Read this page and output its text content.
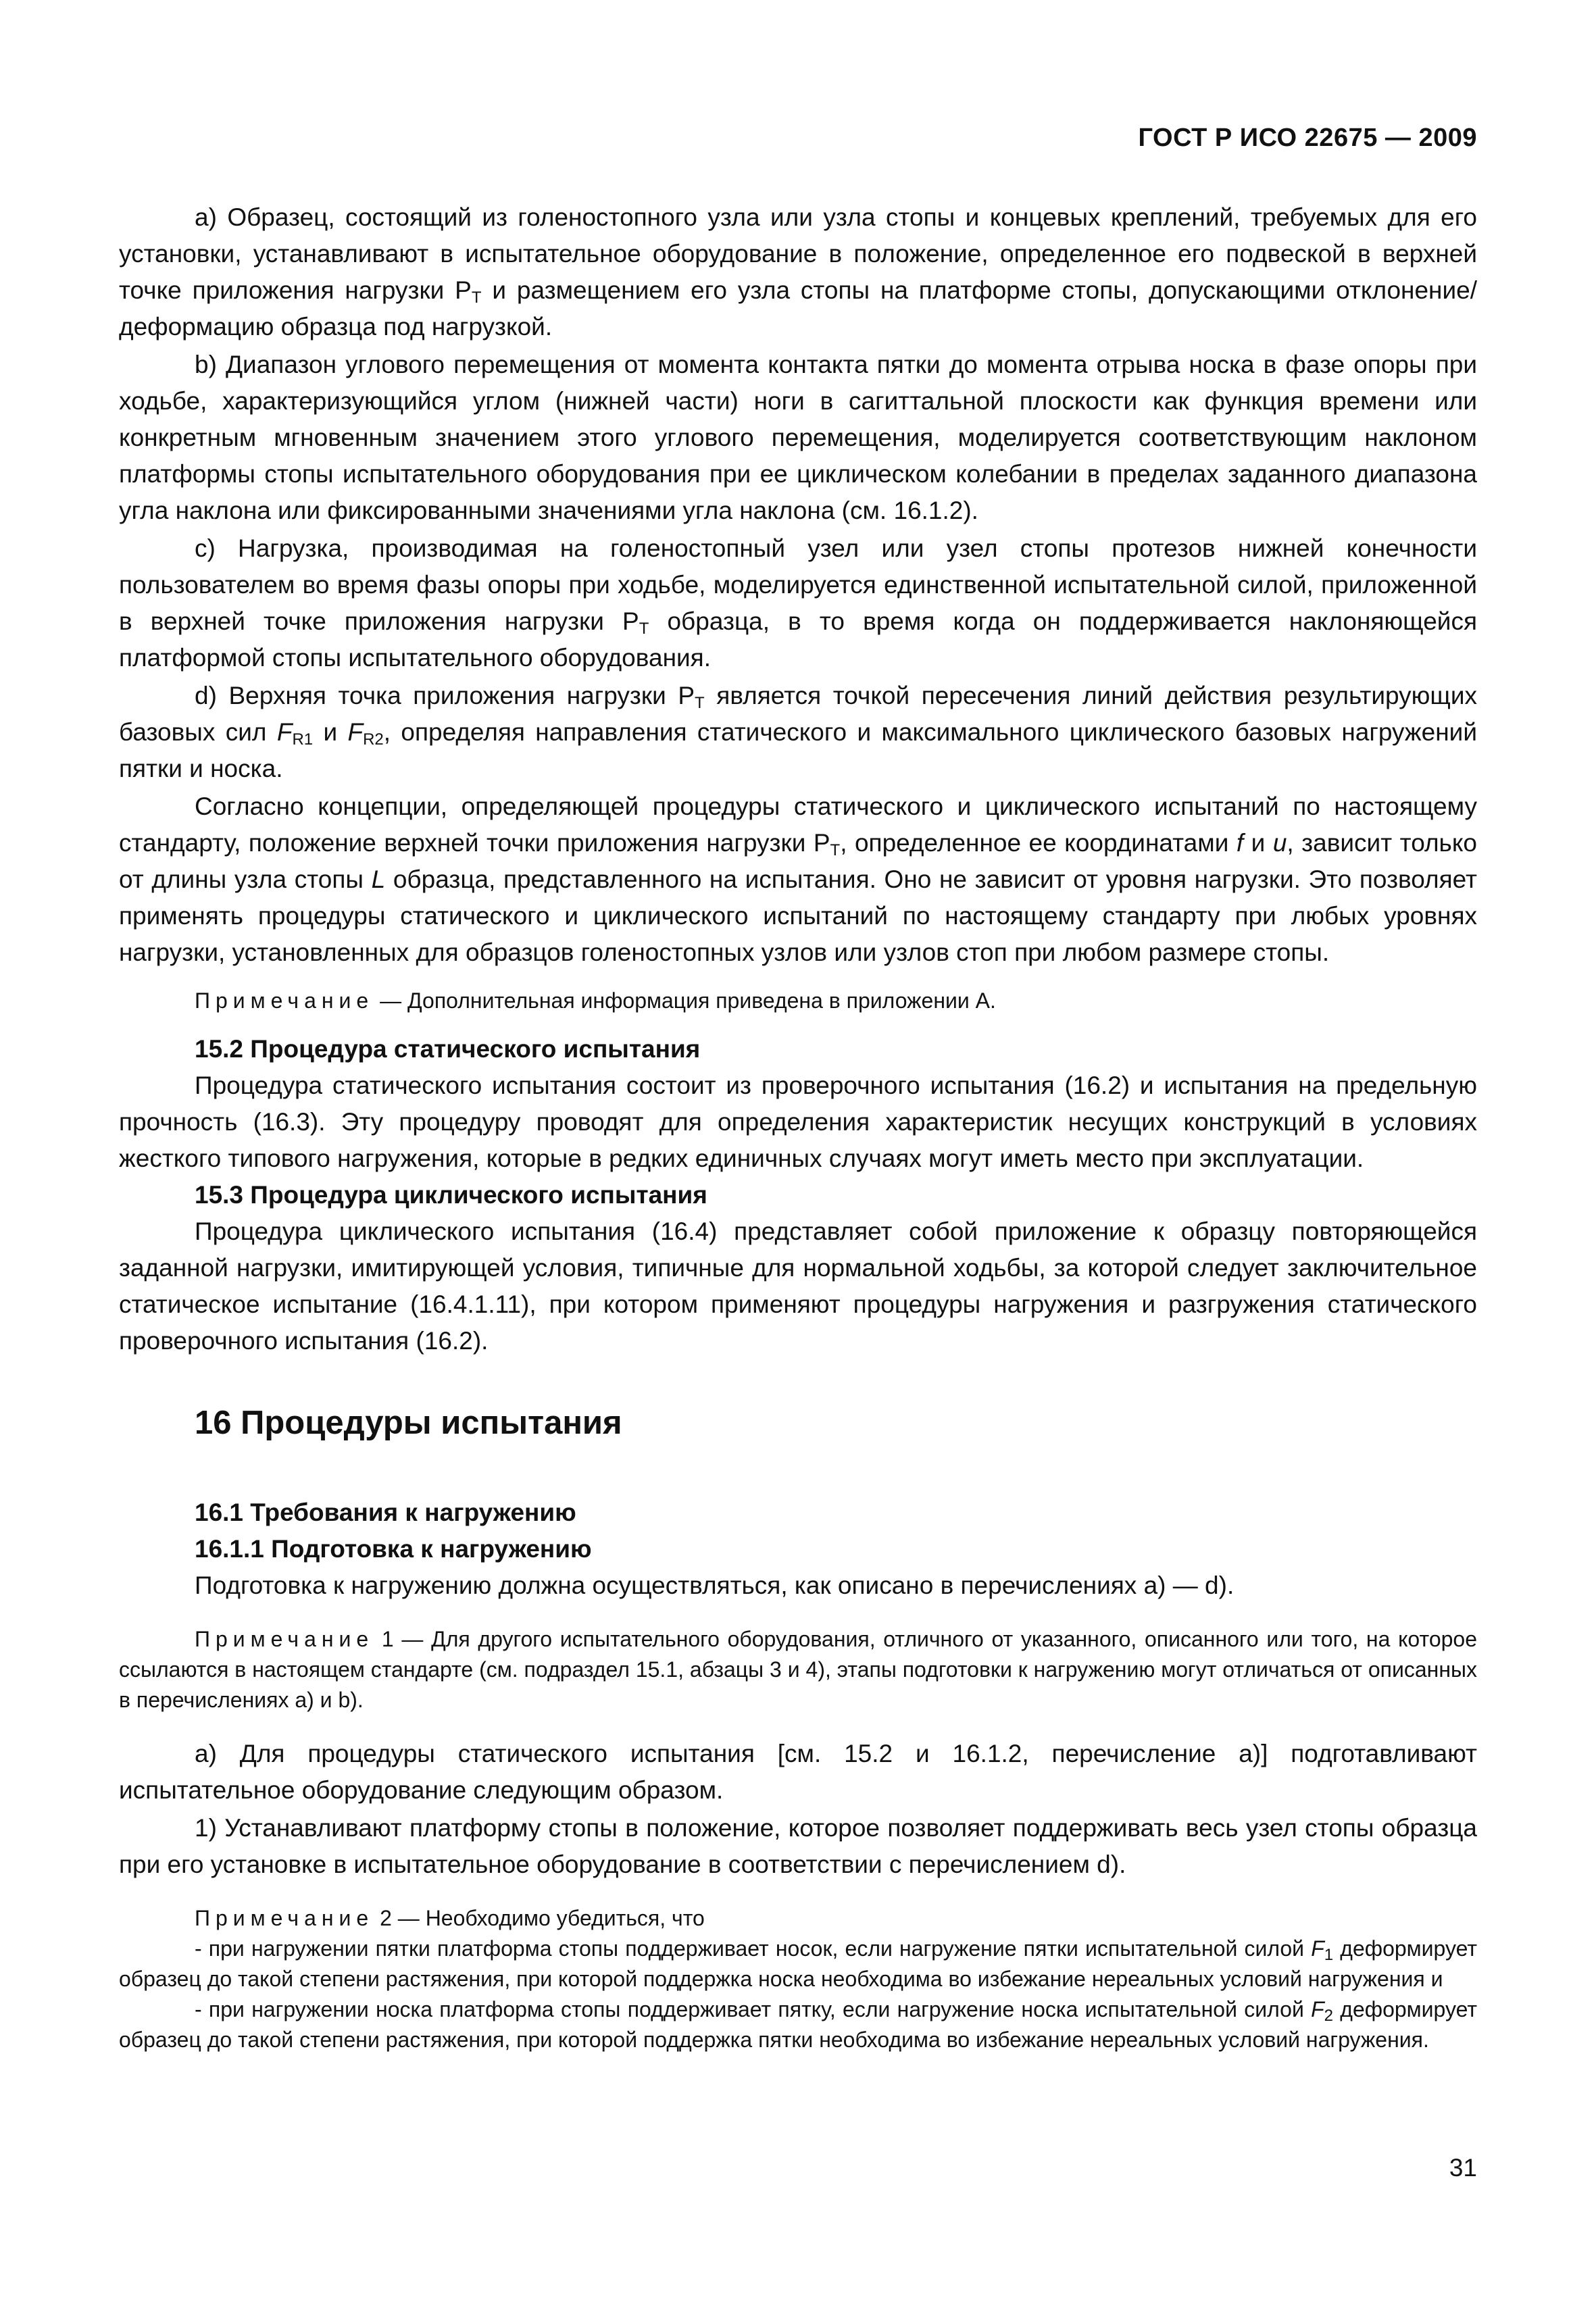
ГОСТ Р ИСО 22675 — 2009

а) Образец, состоящий из голеностопного узла или узла стопы и концевых креплений, требуемых для его установки, устанавливают в испытательное оборудование в положение, определенное его подвеской в верхней точке приложения нагрузки $P_T$ и размещением его узла стопы на платформе стопы, допускающими отклонение/деформацию образца под нагрузкой.

b) Диапазон углового перемещения от момента контакта пятки до момента отрыва носка в фазе опоры при ходьбе, характеризующийся углом (нижней части) ноги в сагиттальной плоскости как функция времени или конкретным мгновенным значением этого углового перемещения, моделируется соответствующим наклоном платформы стопы испытательного оборудования при ее циклическом колебании в пределах заданного диапазона угла наклона или фиксированными значениями угла наклона (см. 16.1.2).

с) Нагрузка, производимая на голеностопный узел или узел стопы протезов нижней конечности пользователем во время фазы опоры при ходьбе, моделируется единственной испытательной силой, приложенной в верхней точке приложения нагрузки $P_T$ образца, в то время когда он поддерживается наклоняющейся платформой стопы испытательного оборудования.

d) Верхняя точка приложения нагрузки $P_T$ является точкой пересечения линий действия результирующих базовых сил $F_{R1}$ и $F_{R2}$, определяя направления статического и максимального циклического базовых нагружений пятки и носка.

Согласно концепции, определяющей процедуры статического и циклического испытаний по настоящему стандарту, положение верхней точки приложения нагрузки $P_T$, определенное ее координатами f и u, зависит только от длины узла стопы L образца, представленного на испытания. Оно не зависит от уровня нагрузки. Это позволяет применять процедуры статического и циклического испытаний по настоящему стандарту при любых уровнях нагрузки, установленных для образцов голеностопных узлов или узлов стоп при любом размере стопы.

Примечание — Дополнительная информация приведена в приложении А.

15.2 Процедура статического испытания

Процедура статического испытания состоит из проверочного испытания (16.2) и испытания на предельную прочность (16.3). Эту процедуру проводят для определения характеристик несущих конструкций в условиях жесткого типового нагружения, которые в редких единичных случаях могут иметь место при эксплуатации.

15.3 Процедура циклического испытания

Процедура циклического испытания (16.4) представляет собой приложение к образцу повторяющейся заданной нагрузки, имитирующей условия, типичные для нормальной ходьбы, за которой следует заключительное статическое испытание (16.4.1.11), при котором применяют процедуры нагружения и разгружения статического проверочного испытания (16.2).

16 Процедуры испытания
16.1 Требования к нагружению
16.1.1 Подготовка к нагружению

Подготовка к нагружению должна осуществляться, как описано в перечислениях а) — d).

Примечание 1 — Для другого испытательного оборудования, отличного от указанного, описанного или того, на которое ссылаются в настоящем стандарте (см. подраздел 15.1, абзацы 3 и 4), этапы подготовки к нагружению могут отличаться от описанных в перечислениях а) и b).

а) Для процедуры статического испытания [см. 15.2 и 16.1.2, перечисление а)] подготавливают испытательное оборудование следующим образом.

1) Устанавливают платформу стопы в положение, которое позволяет поддерживать весь узел стопы образца при его установке в испытательное оборудование в соответствии с перечислением d).

Примечание 2 — Необходимо убедиться, что

- при нагружении пятки платформа стопы поддерживает носок, если нагружение пятки испытательной силой $F_1$ деформирует образец до такой степени растяжения, при которой поддержка носка необходима во избежание нереальных условий нагружения и

- при нагружении носка платформа стопы поддерживает пятку, если нагружение носка испытательной силой $F_2$ деформирует образец до такой степени растяжения, при которой поддержка пятки необходима во избежание нереальных условий нагружения.

31
